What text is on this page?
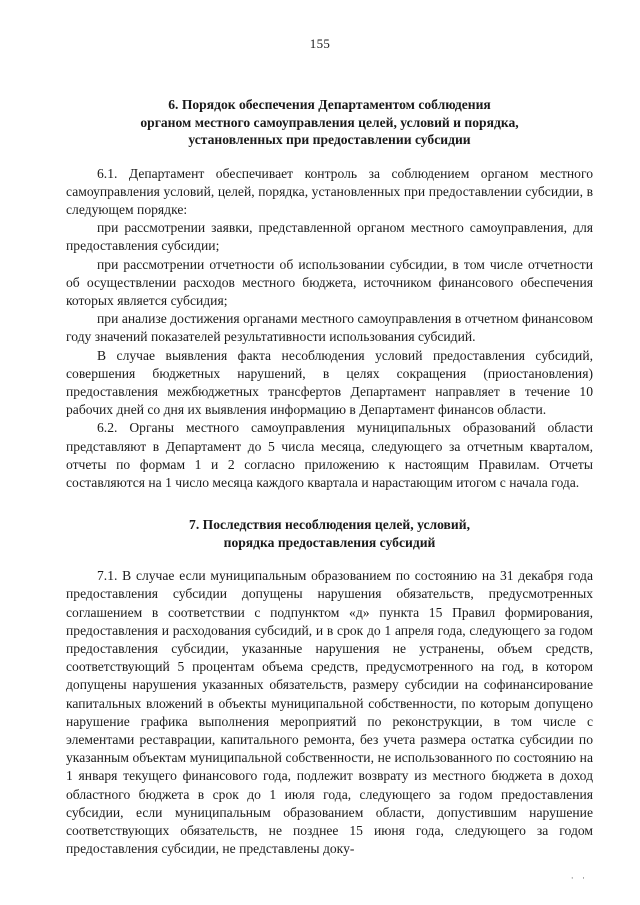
155
6. Порядок обеспечения Департаментом соблюдения
органом местного самоуправления целей, условий и порядка,
установленных при предоставлении субсидии

6.1. Департамент обеспечивает контроль за соблюдением органом местного самоуправления условий, целей, порядка, установленных при предоставлении субсидии, в следующем порядке:

при рассмотрении заявки, представленной органом местного самоуправления, для предоставления субсидии;

при рассмотрении отчетности об использовании субсидии, в том числе отчетности об осуществлении расходов местного бюджета, источником финансового обеспечения которых является субсидия;

при анализе достижения органами местного самоуправления в отчетном финансовом году значений показателей результативности использования субсидий.

В случае выявления факта несоблюдения условий предоставления субсидий, совершения бюджетных нарушений, в целях сокращения (приостановления) предоставления межбюджетных трансфертов Департамент направляет в течение 10 рабочих дней со дня их выявления информацию в Департамент финансов области.

6.2. Органы местного самоуправления муниципальных образований области представляют в Департамент до 5 числа месяца, следующего за отчетным кварталом, отчеты по формам 1 и 2 согласно приложению к настоящим Правилам. Отчеты составляются на 1 число месяца каждого квартала и нарастающим итогом с начала года.

7. Последствия несоблюдения целей, условий,
порядка предоставления субсидий

7.1. В случае если муниципальным образованием по состоянию на 31 декабря года предоставления субсидии допущены нарушения обязательств, предусмотренных соглашением в соответствии с подпунктом «д» пункта 15 Правил формирования, предоставления и расходования субсидий, и в срок до 1 апреля года, следующего за годом предоставления субсидии, указанные нарушения не устранены, объем средств, соответствующий 5 процентам объема средств, предусмотренного на год, в котором допущены нарушения указанных обязательств, размеру субсидии на софинансирование капитальных вложений в объекты муниципальной собственности, по которым допущено нарушение графика выполнения мероприятий по реконструкции, в том числе с элементами реставрации, капитального ремонта, без учета размера остатка субсидии по указанным объектам муниципальной собственности, не использованного по состоянию на 1 января текущего финансового года, подлежит возврату из местного бюджета в доход областного бюджета в срок до 1 июля года, следующего за годом предоставления субсидии, если муниципальным образованием области, допустившим нарушение соответствующих обязательств, не позднее 15 июня года, следующего за годом предоставления субсидии, не представлены доку-

· ·
